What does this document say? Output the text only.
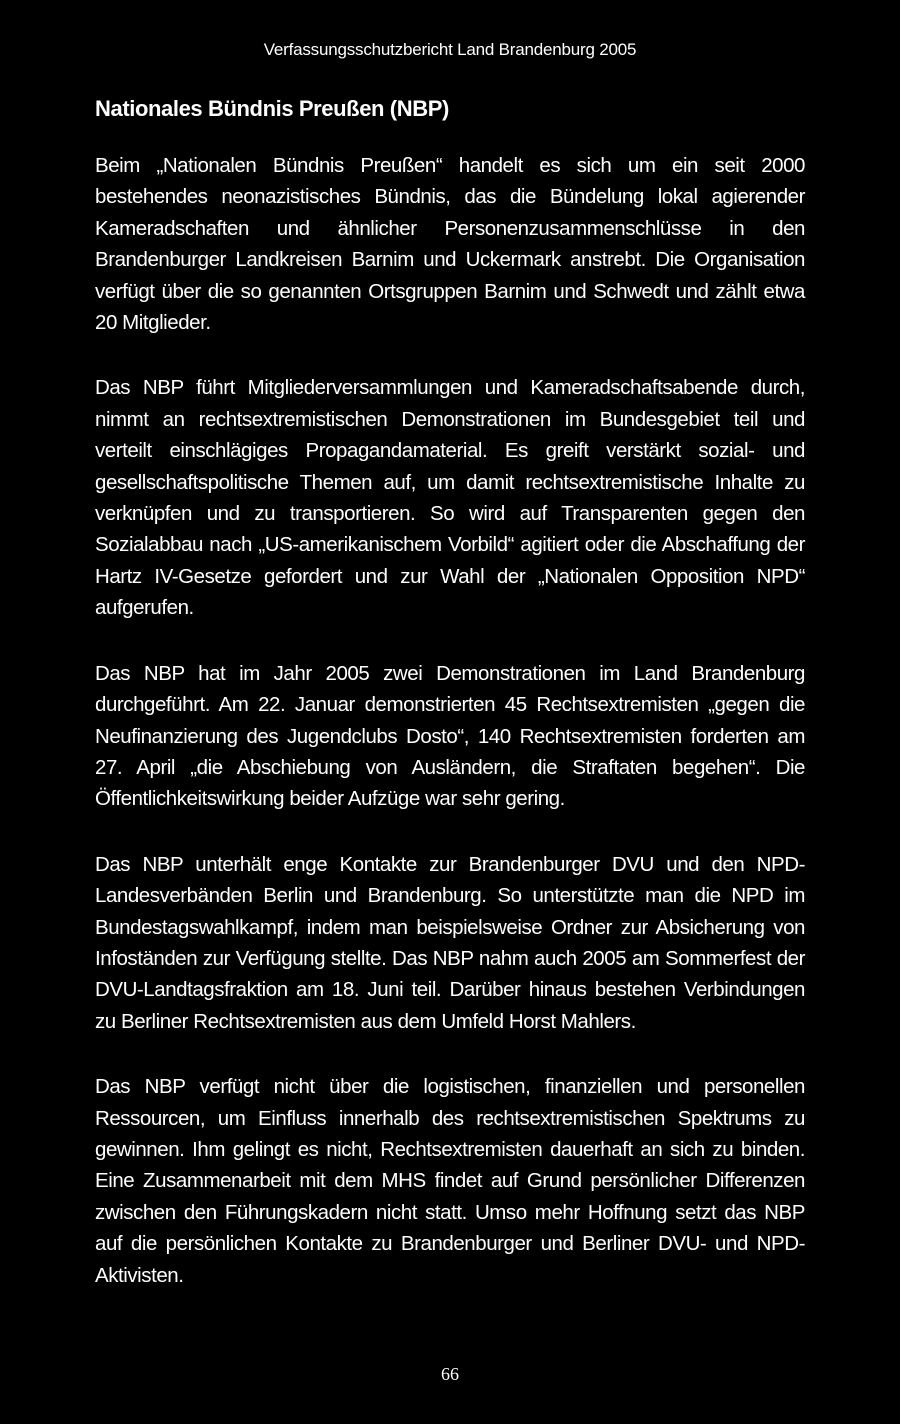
Verfassungsschutzbericht Land Brandenburg 2005
Nationales Bündnis Preußen (NBP)

Beim „Nationalen Bündnis Preußen“ handelt es sich um ein seit 2000 bestehendes neonazistisches Bündnis, das die Bündelung lokal agierender Kameradschaften und ähnlicher Personenzusammenschlüsse in den Brandenburger Landkreisen Barnim und Uckermark anstrebt. Die Organisation verfügt über die so genannten Ortsgruppen Barnim und Schwedt und zählt etwa 20 Mitglieder.

Das NBP führt Mitgliederversammlungen und Kameradschaftsabende durch, nimmt an rechtsextremistischen Demonstrationen im Bundesgebiet teil und verteilt einschlägiges Propagandamaterial. Es greift verstärkt sozial- und gesellschaftspolitische Themen auf, um damit rechtsextremistische Inhalte zu verknüpfen und zu transportieren. So wird auf Transparenten gegen den Sozialabbau nach „US-amerikanischem Vorbild“ agitiert oder die Abschaffung der Hartz IV-Gesetze gefordert und zur Wahl der „Nationalen Opposition NPD“ aufgerufen.

Das NBP hat im Jahr 2005 zwei Demonstrationen im Land Brandenburg durchgeführt. Am 22. Januar demonstrierten 45 Rechtsextremisten „gegen die Neufinanzierung des Jugendclubs Dosto“, 140 Rechtsextremisten forderten am 27. April „die Abschiebung von Ausländern, die Straftaten begehen“. Die Öffentlichkeitswirkung beider Aufzüge war sehr gering.

Das NBP unterhält enge Kontakte zur Brandenburger DVU und den NPD-Landesverbänden Berlin und Brandenburg. So unterstützte man die NPD im Bundestagswahlkampf, indem man beispielsweise Ordner zur Absicherung von Infoständen zur Verfügung stellte. Das NBP nahm auch 2005 am Sommerfest der DVU-Landtagsfraktion am 18. Juni teil. Darüber hinaus bestehen Verbindungen zu Berliner Rechtsextremisten aus dem Umfeld Horst Mahlers.

Das NBP verfügt nicht über die logistischen, finanziellen und personellen Ressourcen, um Einfluss innerhalb des rechtsextremistischen Spektrums zu gewinnen. Ihm gelingt es nicht, Rechtsextremisten dauerhaft an sich zu binden. Eine Zusammenarbeit mit dem MHS findet auf Grund persönlicher Differenzen zwischen den Führungskadern nicht statt. Umso mehr Hoffnung setzt das NBP auf die persönlichen Kontakte zu Brandenburger und Berliner DVU- und NPD-Aktivisten.

66
